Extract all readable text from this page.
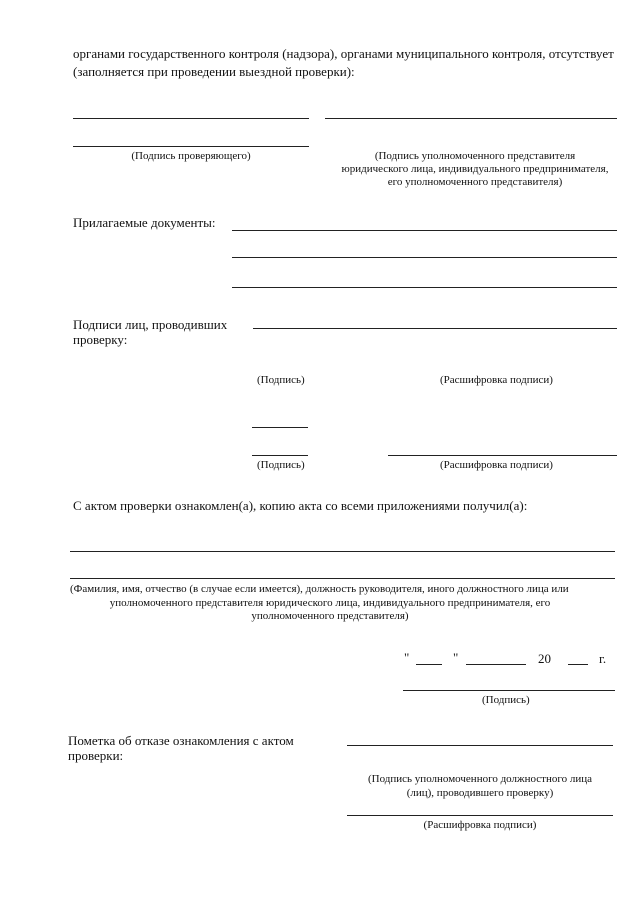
органами государственного контроля (надзора), органами муниципального контроля, отсутствует
(заполняется при проведении выездной проверки):
(Подпись проверяющего)	(Подпись уполномоченного представителя
юридического лица, индивидуального предпринимателя,
его уполномоченного представителя)
Прилагаемые документы:
Подписи лиц, проводивших
проверку:
(Подпись)	(Расшифровка подписи)
(Подпись)	(Расшифровка подписи)
С актом проверки ознакомлен(а), копию акта со всеми приложениями получил(а):
(Фамилия, имя, отчество (в случае если имеется), должность руководителя, иного должностного лица или
уполномоченного представителя юридического лица, индивидуального предпринимателя, его
уполномоченного представителя)
"	"	20	г.
(Подпись)
Пометка об отказе ознакомления с актом
проверки:
(Подпись уполномоченного должностного лица
(лиц), проводившего проверку)
(Расшифровка подписи)
